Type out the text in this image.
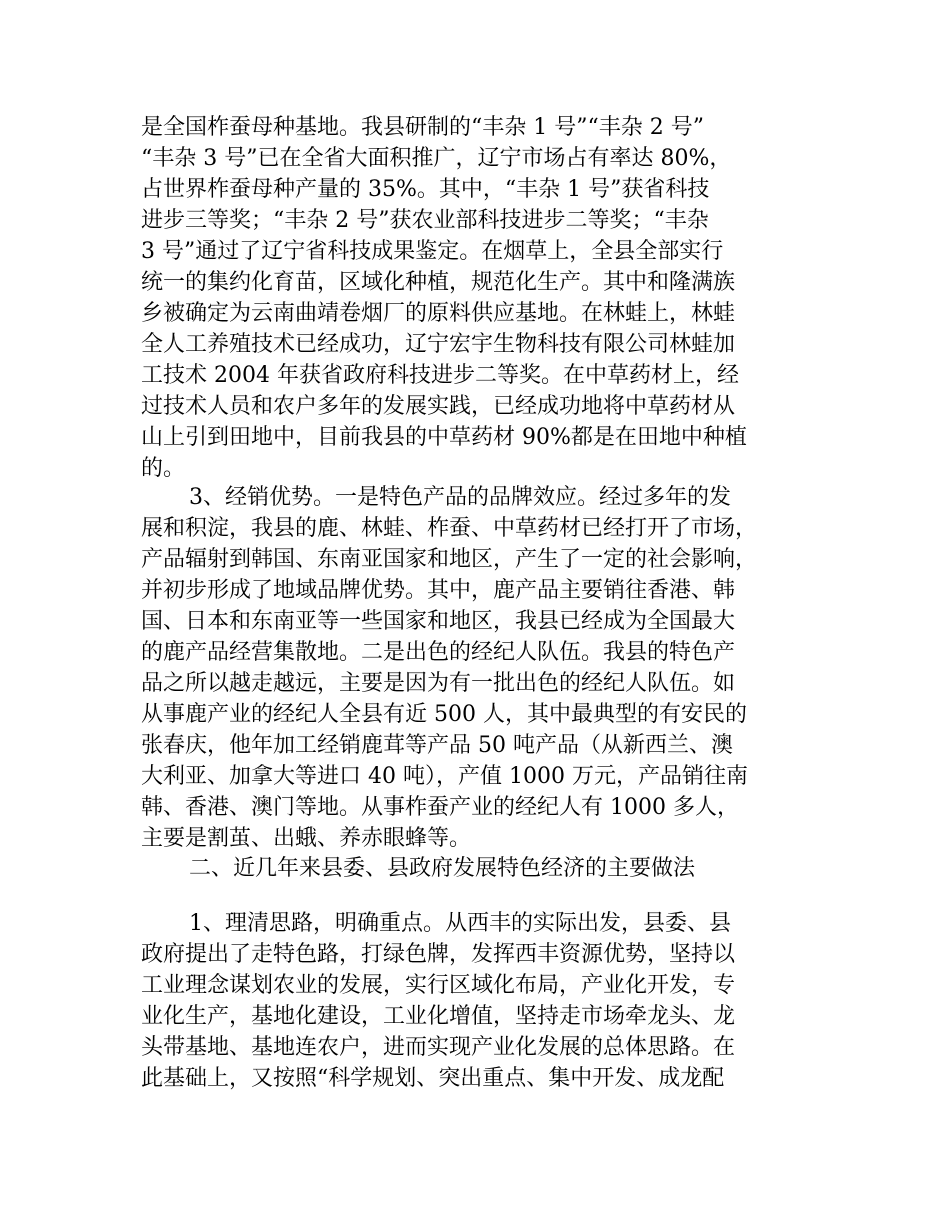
是全国柞蚕母种基地。我县研制的“丰杂 1 号”“丰杂 2 号”
“丰杂 3 号”已在全省大面积推广，辽宁市场占有率达 80%，
占世界柞蚕母种产量的 35%。其中，“丰杂 1 号”获省科技
进步三等奖；“丰杂 2 号”获农业部科技进步二等奖；“丰杂
3 号”通过了辽宁省科技成果鉴定。在烟草上，全县全部实行
统一的集约化育苗，区域化种植，规范化生产。其中和隆满族
乡被确定为云南曲靖卷烟厂的原料供应基地。在林蛙上，林蛙
全人工养殖技术已经成功，辽宁宏宇生物科技有限公司林蛙加
工技术 2004 年获省政府科技进步二等奖。在中草药材上，经
过技术人员和农户多年的发展实践，已经成功地将中草药材从
山上引到田地中，目前我县的中草药材 90%都是在田地中种植
的。
3、经销优势。一是特色产品的品牌效应。经过多年的发
展和积淀，我县的鹿、林蛙、柞蚕、中草药材已经打开了市场，
产品辐射到韩国、东南亚国家和地区，产生了一定的社会影响，
并初步形成了地域品牌优势。其中，鹿产品主要销往香港、韩
国、日本和东南亚等一些国家和地区，我县已经成为全国最大
的鹿产品经营集散地。二是出色的经纪人队伍。我县的特色产
品之所以越走越远，主要是因为有一批出色的经纪人队伍。如
从事鹿产业的经纪人全县有近 500 人，其中最典型的有安民的
张春庆，他年加工经销鹿茸等产品 50 吨产品（从新西兰、澳
大利亚、加拿大等进口 40 吨），产值 1000 万元，产品销往南
韩、香港、澳门等地。从事柞蚕产业的经纪人有 1000 多人，
主要是割茧、出蛾、养赤眼蜂等。
二、近几年来县委、县政府发展特色经济的主要做法
1、理清思路，明确重点。从西丰的实际出发，县委、县
政府提出了走特色路，打绿色牌，发挥西丰资源优势，坚持以
工业理念谋划农业的发展，实行区域化布局，产业化开发，专
业化生产，基地化建设，工业化增值，坚持走市场牵龙头、龙
头带基地、基地连农户，进而实现产业化发展的总体思路。在
此基础上，又按照“科学规划、突出重点、集中开发、成龙配
